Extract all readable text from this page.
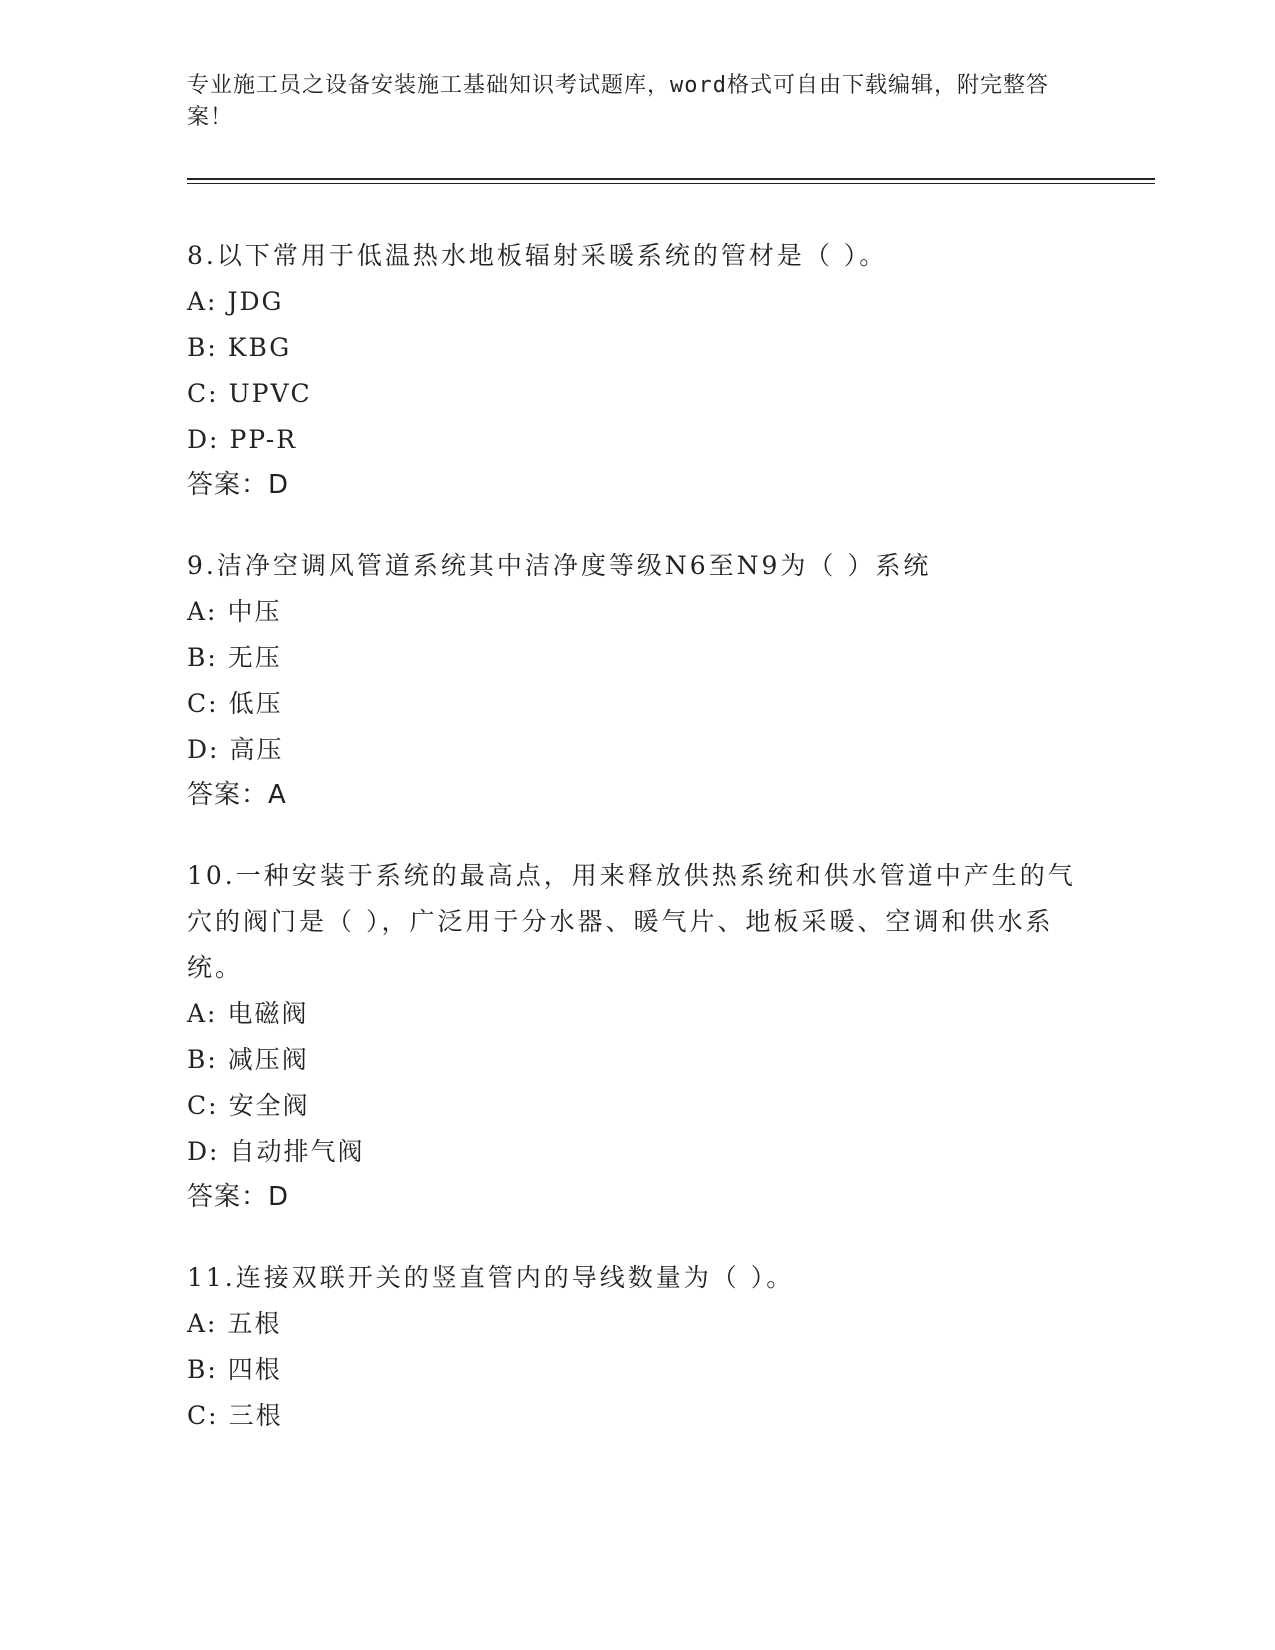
专业施工员之设备安装施工基础知识考试题库，word格式可自由下载编辑，附完整答案！

8.以下常用于低温热水地板辐射采暖系统的管材是（ ）。

A: JDG

B: KBG

C: UPVC

D: PP-R

答案：D

9.洁净空调风管道系统其中洁净度等级N6至N9为（ ）系统

A: 中压

B: 无压

C: 低压

D: 高压

答案：A

10.一种安装于系统的最高点，用来释放供热系统和供水管道中产生的气穴的阀门是（ ），广泛用于分水器、暖气片、地板采暖、空调和供水系统。

A: 电磁阀

B: 减压阀

C: 安全阀

D: 自动排气阀

答案：D

11.连接双联开关的竖直管内的导线数量为（ ）。

A: 五根

B: 四根

C: 三根
